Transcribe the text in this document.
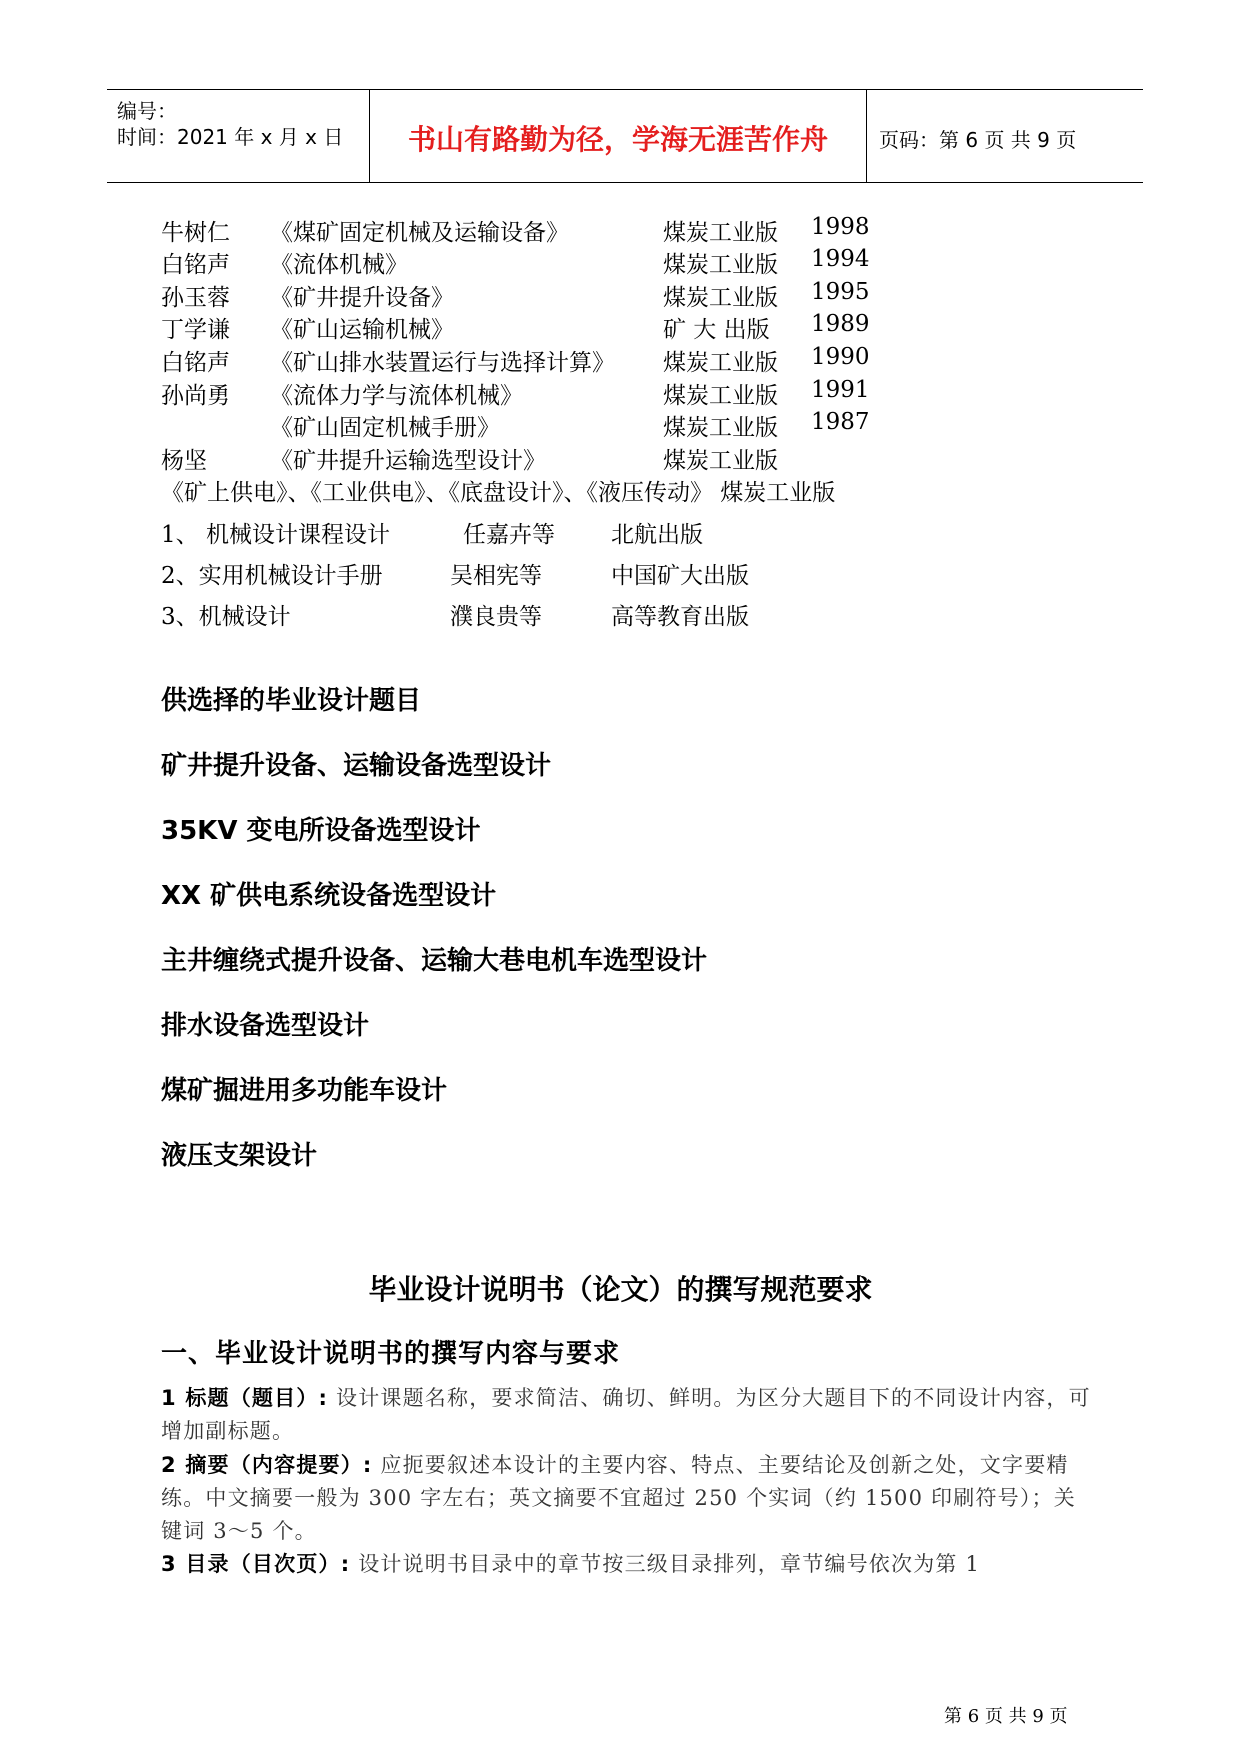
编号：
时间：2021 年 x 月 x 日	书山有路勤为径，学海无涯苦作舟	页码：第 6 页 共 9 页
牛树仁 《煤矿固定机械及运输设备》	煤炭工业版 1998
白铭声 《流体机械》	煤炭工业版 1994
孙玉蓉 《矿井提升设备》	煤炭工业版 1995
丁学谦 《矿山运输机械》	矿 大 出版 1989
白铭声 《矿山排水装置运行与选择计算》 煤炭工业版 1990
孙尚勇 《流体力学与流体机械》	煤炭工业版 1991
《矿山固定机械手册》	煤炭工业版 1987
杨坚	《矿井提升运输选型设计》	煤炭工业版
《矿上供电》、《工业供电》、《底盘设计》、《液压传动》 煤炭工业版
1、 机械设计课程设计	任嘉卉等 北航出版
2、实用机械设计手册	吴相宪等	中国矿大出版
3、机械设计	濮良贵等	高等教育出版
供选择的毕业设计题目
矿井提升设备、运输设备选型设计
35KV 变电所设备选型设计
XX 矿供电系统设备选型设计
主井缠绕式提升设备、运输大巷电机车选型设计
排水设备选型设计
煤矿掘进用多功能车设计
液压支架设计
毕业设计说明书（论文）的撰写规范要求
一、毕业设计说明书的撰写内容与要求
1 标题（题目）: 设计课题名称，要求简洁、确切、鲜明。为区分大题目下的不同设计内容，可增加副标题。
2 摘要（内容提要）: 应扼要叙述本设计的主要内容、特点、主要结论及创新之处，文字要精练。中文摘要一般为 300 字左右；英文摘要不宜超过 250 个实词（约 1500 印刷符号）；关键词 3～5 个。
3 目录（目次页）: 设计说明书目录中的章节按三级目录排列，章节编号依次为第 1
第 6 页 共 9 页
